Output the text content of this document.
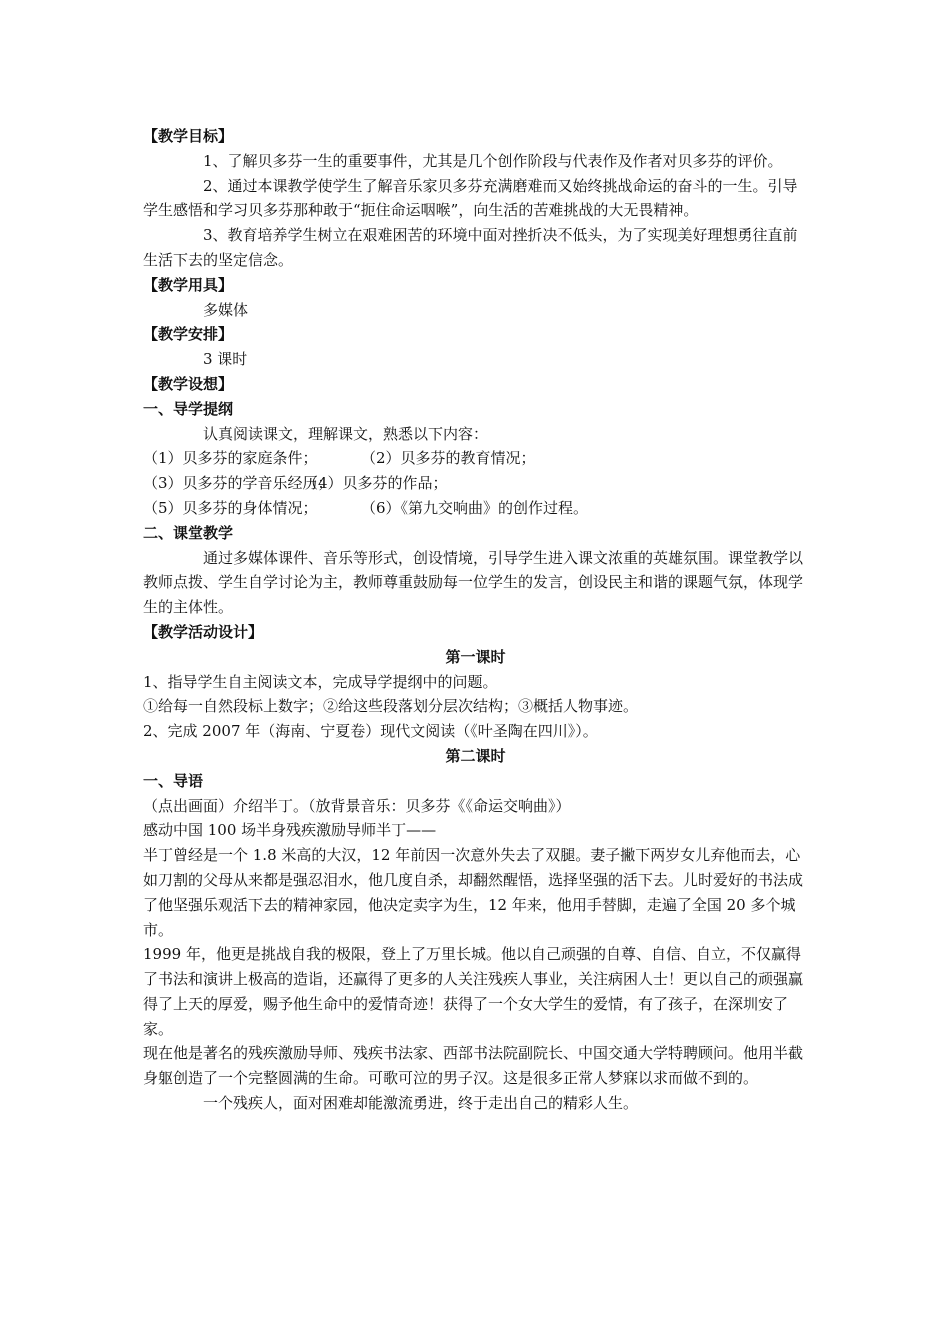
【教学目标】
1、了解贝多芬一生的重要事件，尤其是几个创作阶段与代表作及作者对贝多芬的评价。
2、通过本课教学使学生了解音乐家贝多芬充满磨难而又始终挑战命运的奋斗的一生。引导学生感悟和学习贝多芬那种敢于“扼住命运咽喉”，向生活的苦难挑战的大无畏精神。
3、教育培养学生树立在艰难困苦的环境中面对挫折决不低头，为了实现美好理想勇往直前生活下去的坚定信念。
【教学用具】
多媒体
【教学安排】
3 课时
【教学设想】
一、导学提纲
认真阅读课文，理解课文，熟悉以下内容：
（1）贝多芬的家庭条件；	（2）贝多芬的教育情况；
（3）贝多芬的学音乐经历；（4）贝多芬的作品；
（5）贝多芬的身体情况；	（6）《第九交响曲》的创作过程。
二、课堂教学
通过多媒体课件、音乐等形式，创设情境，引导学生进入课文浓重的英雄氛围。课堂教学以教师点拨、学生自学讨论为主，教师尊重鼓励每一位学生的发言，创设民主和谐的课题气氛，体现学生的主体性。
【教学活动设计】
第一课时
1、指导学生自主阅读文本，完成导学提纲中的问题。
①给每一自然段标上数字；②给这些段落划分层次结构；③概括人物事迹。
2、完成 2007 年（海南、宁夏卷）现代文阅读（《叶圣陶在四川》）。
第二课时
一、导语
（点出画面）介绍半丁。（放背景音乐：贝多芬《《命运交响曲》）
感动中国 100 场半身残疾激励导师半丁——
半丁曾经是一个 1.8 米高的大汉，12 年前因一次意外失去了双腿。妻子撇下两岁女儿弃他而去，心如刀割的父母从来都是强忍泪水，他几度自杀，却翻然醒悟，选择坚强的活下去。儿时爱好的书法成了他坚强乐观活下去的精神家园，他决定卖字为生，12 年来，他用手替脚，走遍了全国 20 多个城市。
1999 年，他更是挑战自我的极限，登上了万里长城。他以自己顽强的自尊、自信、自立，不仅赢得了书法和演讲上极高的造诣，还赢得了更多的人关注残疾人事业，关注病困人士！更以自己的顽强赢得了上天的厚爱，赐予他生命中的爱情奇迹！获得了一个女大学生的爱情，有了孩子，在深圳安了家。
现在他是著名的残疾激励导师、残疾书法家、西部书法院副院长、中国交通大学特聘顾问。他用半截身躯创造了一个完整圆满的生命。可歌可泣的男子汉。这是很多正常人梦寐以求而做不到的。
一个残疾人，面对困难却能激流勇进，终于走出自己的精彩人生。
